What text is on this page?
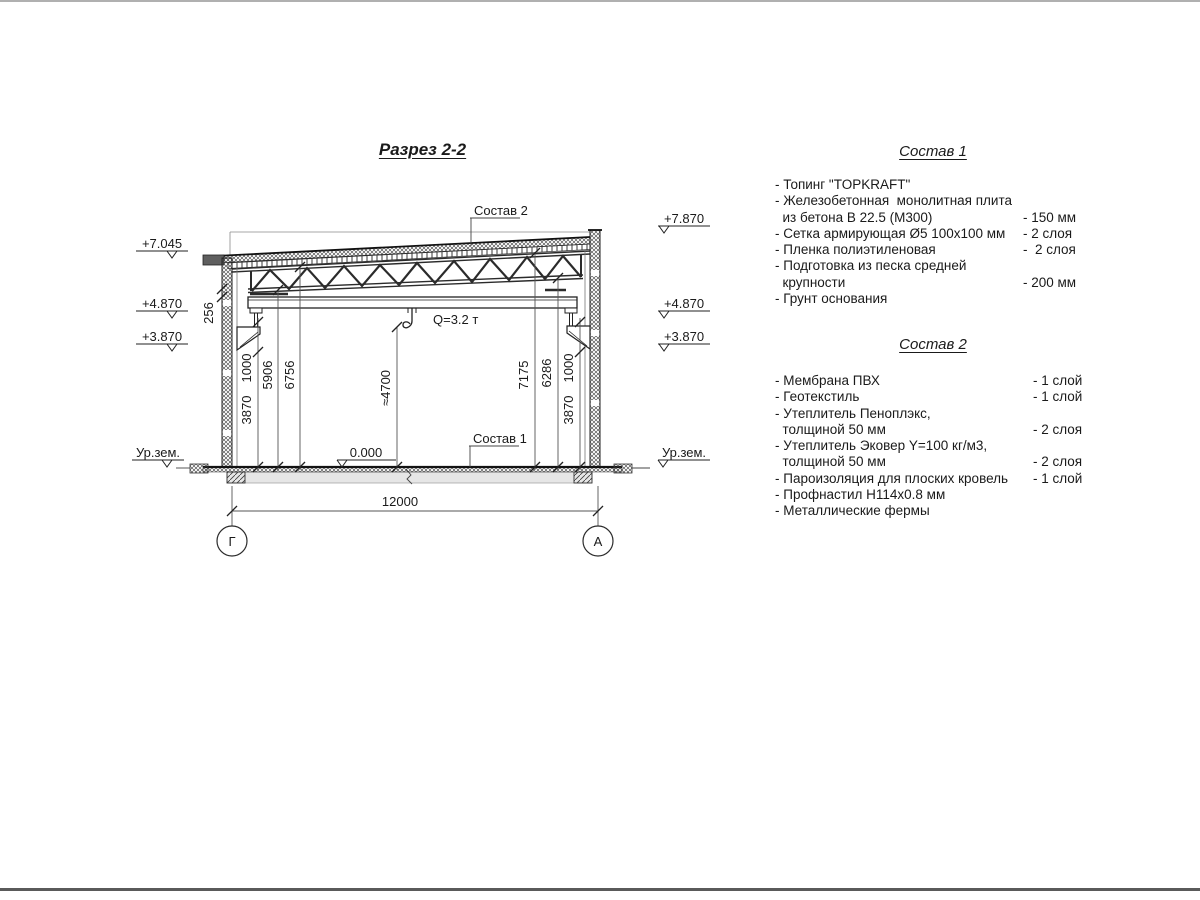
Разрез 2-2
Q=3.2 т
1000
3870
5906 6756
256
≈4700	7175 6286 1000
3870
12000
Г	А
+7.045
+4.870
+3.870
Ур.зем.
+7.870
+4.870
+3.870
Ур.зем.
0.000
Состав 2
Состав 1
Состав 1
- Топинг "TOPKRAFT"
- Железобетонная  монолитная плита
из бетона В 22.5 (М300)	- 150 мм
- Сетка армирующая Ø5 100х100 мм	- 2 слоя
- Пленка полиэтиленовая	-  2 слоя
- Подготовка из песка средней
крупности	- 200 мм
- Грунт основания
Состав 2
- Мембрана ПВХ	- 1 слой
- Геотекстиль	- 1 слой
- Утеплитель Пеноплэкс,
толщиной 50 мм	- 2 слоя
- Утеплитель Эковер Y=100 кг/м3,
толщиной 50 мм	- 2 слоя
- Пароизоляция для плоских кровель	- 1 слой
- Профнастил Н114х0.8 мм
- Металлические фермы
